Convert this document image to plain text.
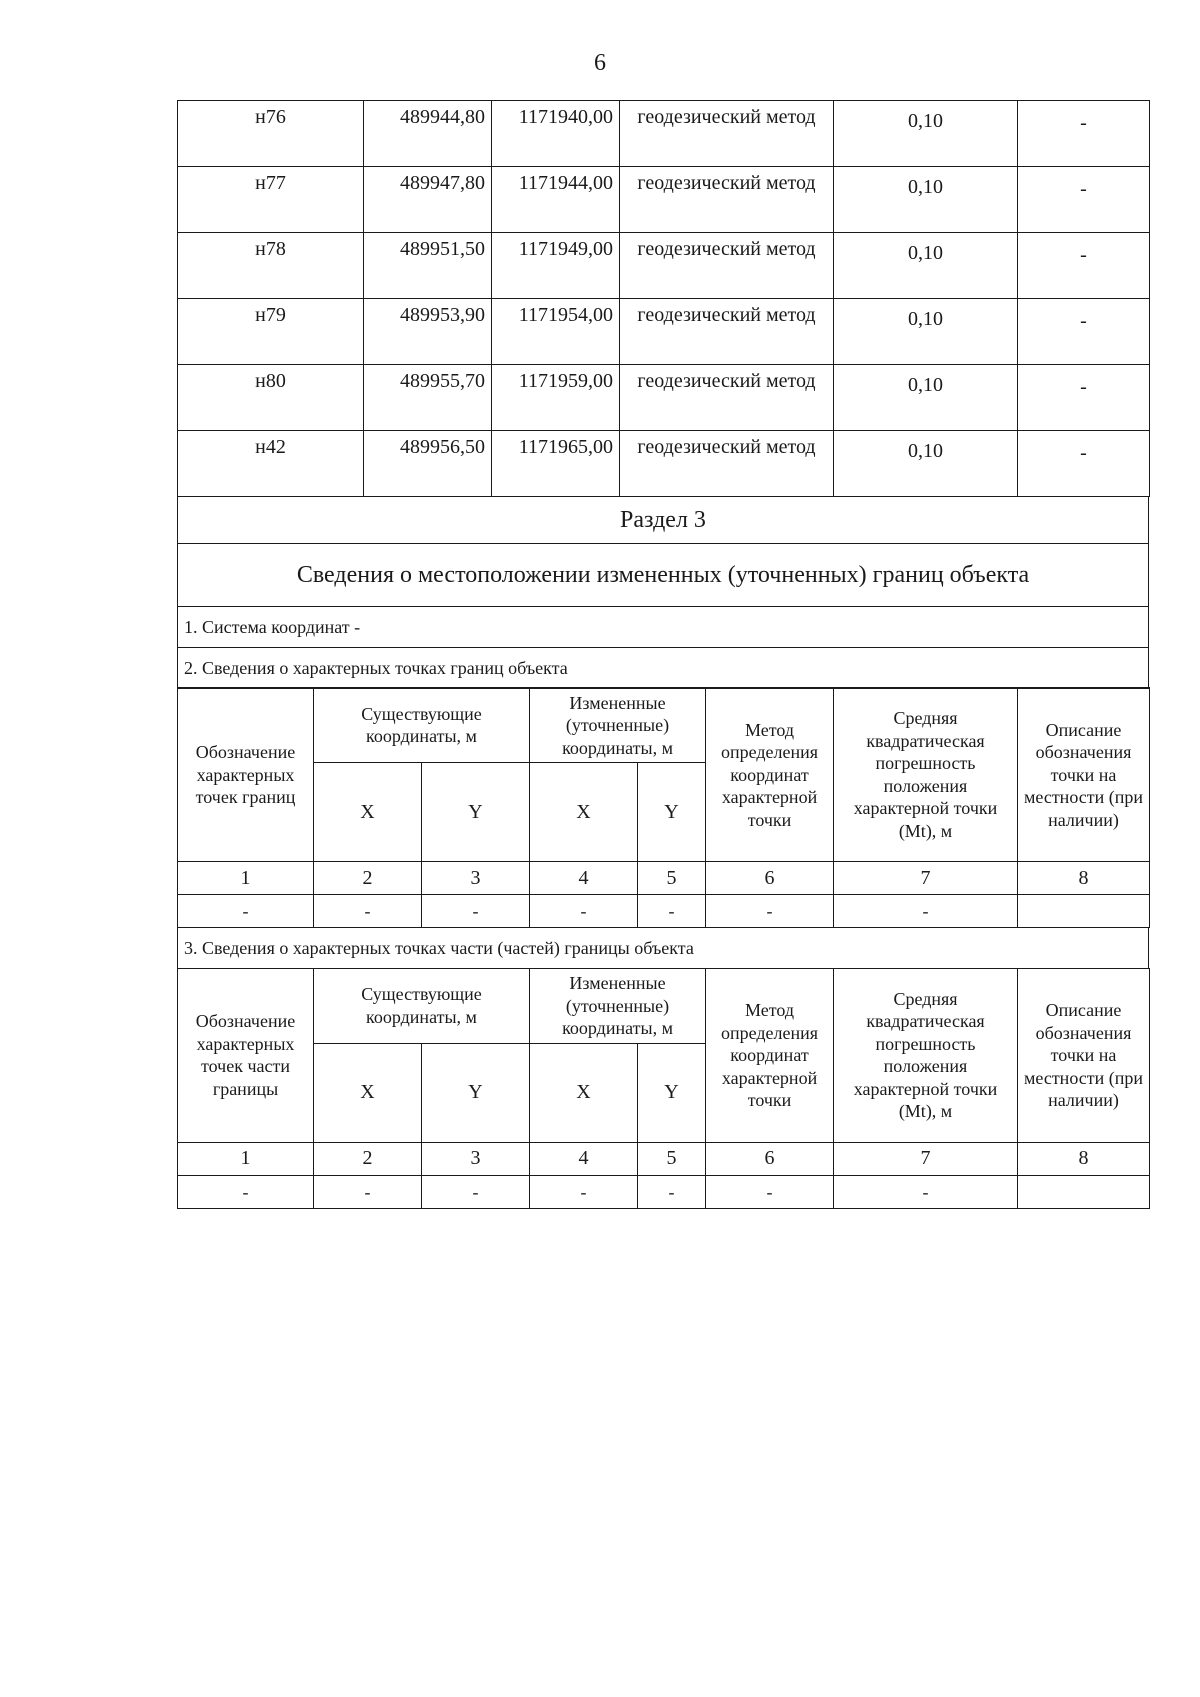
6
н76	489944,80	1171940,00	геодезический метод	0,10	-
н77	489947,80	1171944,00	геодезический метод	0,10	-
н78	489951,50	1171949,00	геодезический метод	0,10	-
н79	489953,90	1171954,00	геодезический метод	0,10	-
н80	489955,70	1171959,00	геодезический метод	0,10	-
н42	489956,50	1171965,00	геодезический метод	0,10	-
Раздел 3
Сведения о местоположении измененных (уточненных) границ объекта
1. Система координат -
2. Сведения о характерных точках границ объекта
Обозначение характерных точек границ	Существующие координаты, м		Измененные (уточненные) координаты, м		Метод определения координат характерной точки	Средняя квадратическая погрешность положения характерной точки (Mt), м	Описание обозначения точки на местности (при наличии)
	X	Y	X	Y			
1	2	3	4	5	6	7	8
-	-	-	-	-	-	-	
3. Сведения о характерных точках части (частей) границы объекта
Обозначение характерных точек части границы	Существующие координаты, м		Измененные (уточненные) координаты, м		Метод определения координат характерной точки	Средняя квадратическая погрешность положения характерной точки (Mt), м	Описание обозначения точки на местности (при наличии)
	X	Y	X	Y			
1	2	3	4	5	6	7	8
-	-	-	-	-	-	-	
